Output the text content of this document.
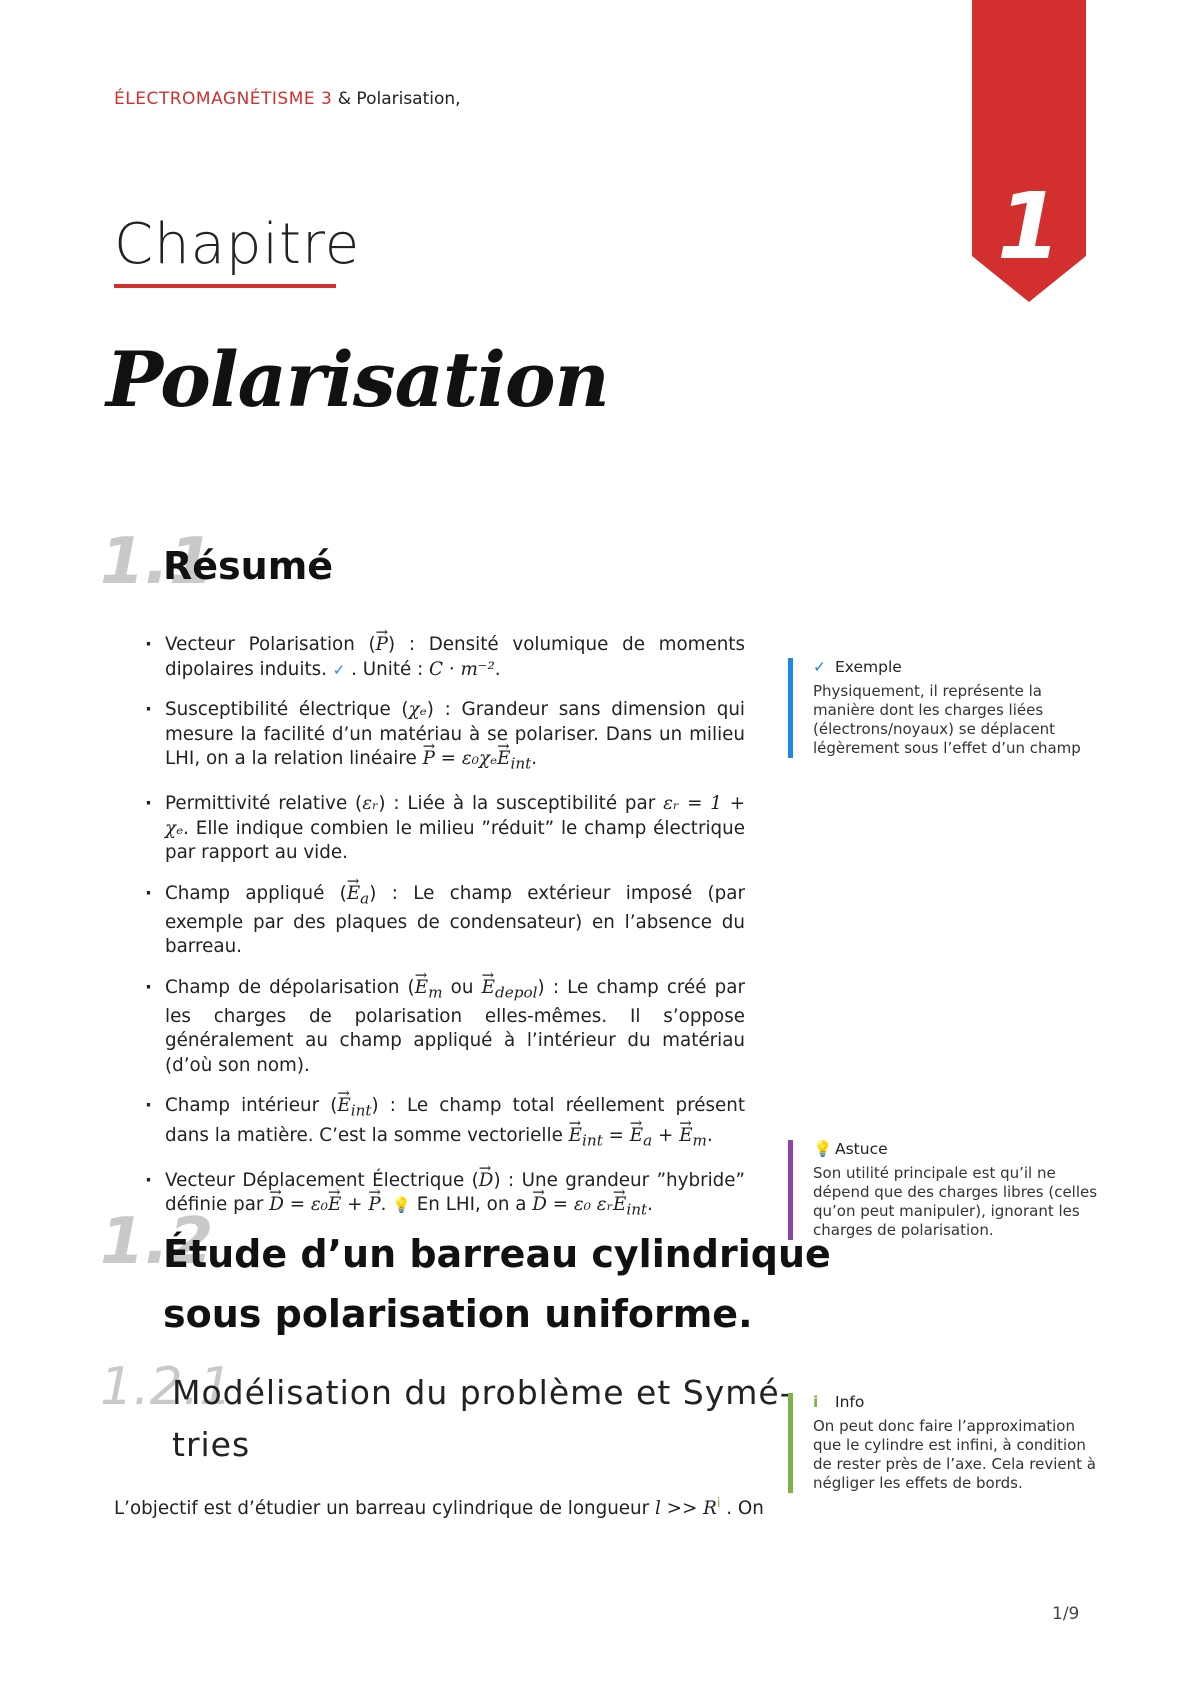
ÉLECTROMAGNÉTISME 3 & Polarisation,
1
Chapitre
Polarisation
1.1
Résumé
· Vecteur Polarisation (→ P) : Densité volumique de moments dipolaires induits. ✓ . Unité : C · m⁻².
· Susceptibilité électrique (χₑ) : Grandeur sans dimension qui mesure la facilité d’un matériau à se polariser. Dans un milieu LHI, on a la relation linéaire → $P = \varepsilon_0\chi_e\to E_{int}$.
· Permittivité relative (εᵣ) : Liée à la susceptibilité par εᵣ = 1 + χₑ. Elle indique combien le milieu ”réduit” le champ électrique par rapport au vide.
· Champ appliqué (→ $E_a$) : Le champ extérieur imposé (par exemple par des plaques de condensateur) en l’absence du barreau.
· Champ de dépolarisation (→ $E_m$ ou → $E_{depol}$) : Le champ créé par les charges de polarisation elles-mêmes. Il s’oppose généralement au champ appliqué à l’intérieur du matériau (d’où son nom).
· Champ intérieur (→ $E_{int}$) : Le champ total réellement présent dans la matière. C’est la somme vectorielle → $E_{int}$ = → $E_a$ + → $E_m$.
· Vecteur Déplacement Électrique (→ D) : Une grandeur ”hybride” définie par → D = ε₀→ E + → P. 💡 En LHI, on a → D = ε₀ εᵣ→ $E_{int}$.
1.2
Étude d’un barreau cylindrique
sous polarisation uniforme.
1.2.1
Modélisation du problème et Symé-
tries
L’objectif est d’étudier un barreau cylindrique de longueur $l >> R^i$ . On
✓ Exemple
Physiquement, il représente la manière dont les charges liées (électrons/noyaux) se déplacent légèrement sous l’effet d’un champ
💡 Astuce
Son utilité principale est qu’il ne dépend que des charges libres (celles qu’on peut manipuler), ignorant les charges de polarisation.
i Info
On peut donc faire l’approximation que le cylindre est infini, à condition de rester près de l’axe. Cela revient à négliger les effets de bords.
1/9
